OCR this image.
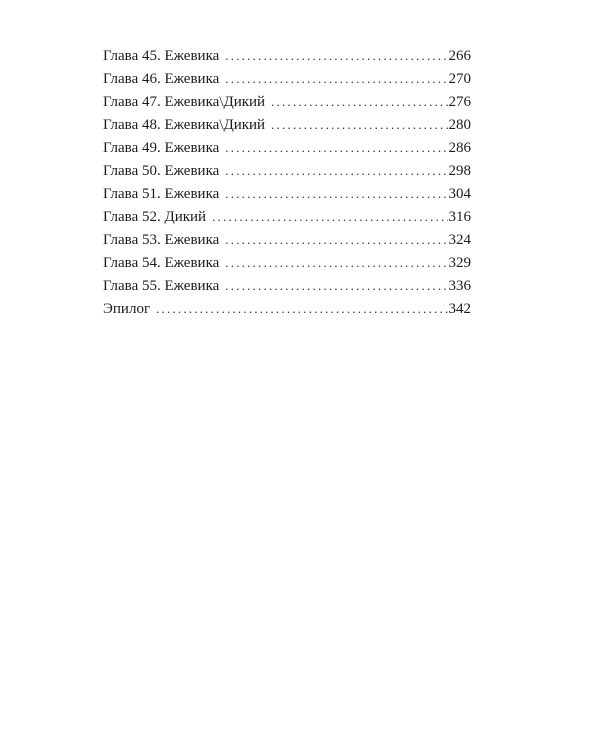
Глава 45. Ежевика .....	266
Глава 46. Ежевика .....	270
Глава 47. Ежевика\Дикий .....	276
Глава 48. Ежевика\Дикий .....	280
Глава 49. Ежевика .....	286
Глава 50. Ежевика .....	298
Глава 51. Ежевика .....	304
Глава 52. Дикий .....	316
Глава 53. Ежевика .....	324
Глава 54. Ежевика .....	329
Глава 55. Ежевика .....	336
Эпилог .....	342
